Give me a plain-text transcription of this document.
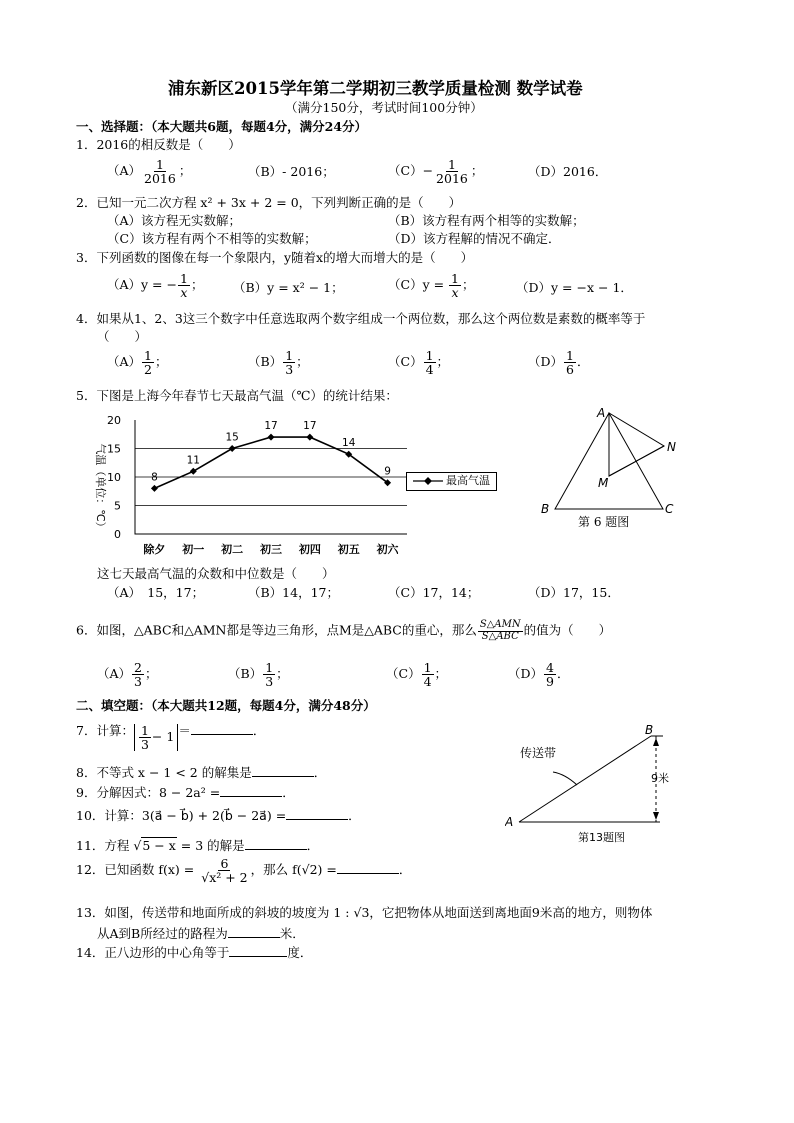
浦东新区2015学年第二学期初三教学质量检测 数学试卷
（满分150分，考试时间100分钟）
一、选择题：（本大题共6题，每题4分，满分24分）
1．2016的相反数是（　　）
$(A) \frac{1}{2016}$ ；	（B）- 2016；	$(C)- \frac{1}{2016}$ ；	（D）2016．
2．已知一元二次方程 x² + 3x + 2 = 0，下列判断正确的是（　　）
（A）该方程无实数解；	（B）该方程有两个相等的实数解；
（C）该方程有两个不相等的实数解；	（D）该方程解的情况不确定．
3．下列函数的图像在每一个象限内，y随着x的增大而增大的是（　　）
（A）y = − $\frac{1}{x}$ ； （B）y = x² − 1；	$(C)y = \frac{1}{x}$ ；	（D）y = −x − 1．
4．如果从1、2、3这三个数字中任意选取两个数字组成一个两位数，那么这个两位数是素数的概率等于
（　　）
$(A) \frac{1}{2}$ ；	$(B) \frac{1}{3}$ ；	$(C) \frac{1}{4}$ ；	$(D) \frac{1}{6}$ ．
5．下图是上海今年春节七天最高气温（℃）的统计结果：
0
5
10
15
20
除夕 初一 初二 初三 初四 初五 初六
8
11
15
17 17
14
9
气温（单位：℃）	最高气温
这七天最高气温的众数和中位数是（　　）
（A）　15，17；	（B）14，17；	（C）17，14；	（D）17，15．
A
B	C
M
N
第 6 题图
6．如图，△ABC和△AMN都是等边三角形，点M是△ABC的重心，那么 $\frac{\text{S△AMN}}{\text{S△ABC}}$ 的值为（　　）
$(A) \frac{2}{3}$ ；	$(B) \frac{1}{3}$ ；	$(C) \frac{1}{4}$ ；	$(D) \frac{4}{9}$ ．
二、填空题：（本大题共12题，每题4分，满分48分）
7．计算： $\frac{1}{3} - 1$ ＝	．
8．不等式 x − 1 < 2 的解集是	．
9．分解因式：8 − 2a² =	．
10．计算：3(a⃗ − b⃗) + 2(b⃗ − 2a⃗) =	．
11．方程 √5 − x = 3 的解是	．
12．已知函数 $f(x) = \frac{6}{\text{√x² + 2}}$ ，那么 f(√2) =	．
13．如图，传送带和地面所成的斜坡的坡度为 1 : √3，它把物体从地面送到离地面9米高的地方，则物体
从A到B所经过的路程为	米．
14．正八边形的中心角等于	度．
A
B
9米
传送带
第13题图
